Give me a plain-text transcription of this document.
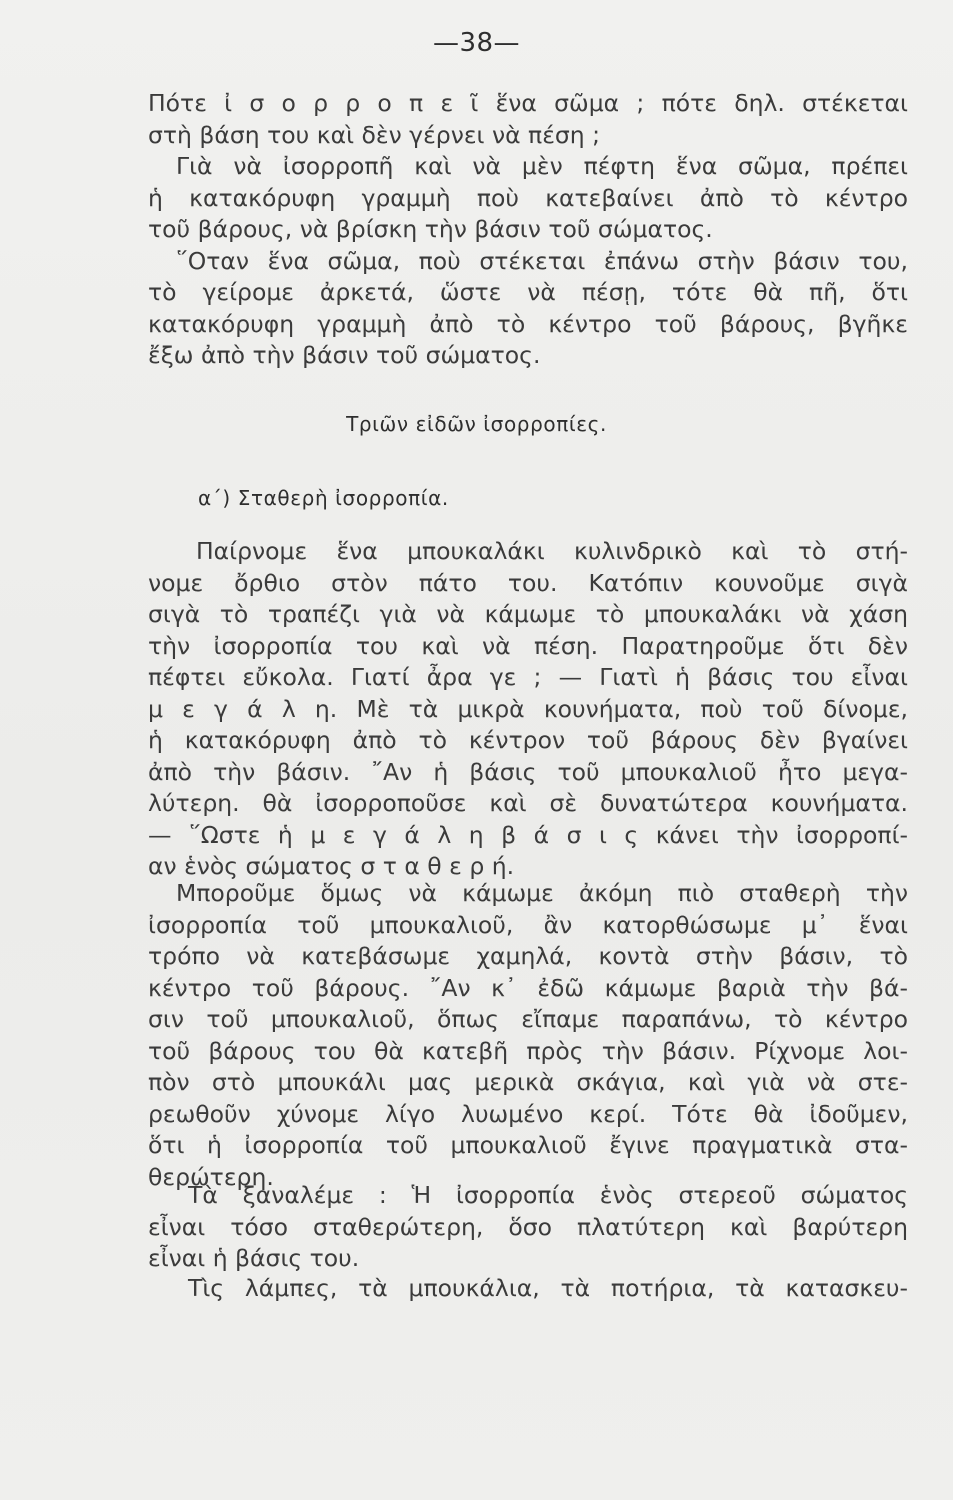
—38—
Πότε ἰ σ ο ρ ρ ο π ε ῖ ἕνα σῶμα ; πότε δηλ. στέκεται
στὴ βάση του καὶ δὲν γέρνει νὰ πέση ;
Γιὰ νὰ ἰσορροπῆ καὶ νὰ μὲν πέφτη ἕνα σῶμα, πρέπει
ἡ κατακόρυφη γραμμὴ ποὺ κατεβαίνει ἀπὸ τὸ κέντρο
τοῦ βάρους, νὰ βρίσκη τὴν βάσιν τοῦ σώματος.
῞Οταν ἕνα σῶμα, ποὺ στέκεται ἐπάνω στὴν βάσιν του,
τὸ γείρομε ἀρκετά, ὥστε νὰ πέσῃ, τότε θὰ πῆ, ὅτι
κατακόρυφη γραμμὴ ἀπὸ τὸ κέντρο τοῦ βάρους, βγῆκε
ἔξω ἀπὸ τὴν βάσιν τοῦ σώματος.
Τριῶν εἰδῶν ἰσορροπίες.
α΄) Σταθερὴ ἰσορροπία.
Παίρνομε ἕνα μπουκαλάκι κυλινδρικὸ καὶ τὸ στή-
νομε ὄρθιο στὸν πάτο του. Κατόπιν κουνοῦμε σιγὰ
σιγὰ τὸ τραπέζι γιὰ νὰ κάμωμε τὸ μπουκαλάκι νὰ χάση
τὴν ἰσορροπία του καὶ νὰ πέση. Παρατηροῦμε ὅτι δὲν
πέφτει εὔκολα. Γιατί ἆρα γε ; — Γιατὶ ἡ βάσις του εἶναι
μ ε γ ά λ η. Μὲ τὰ μικρὰ κουνήματα, ποὺ τοῦ δίνομε,
ἡ κατακόρυφη ἀπὸ τὸ κέντρον τοῦ βάρους δὲν βγαίνει
ἀπὸ τὴν βάσιν. ῎Αν ἡ βάσις τοῦ μπουκαλιοῦ ἦτο μεγα-
λύτερη. θὰ ἰσορροποῦσε καὶ σὲ δυνατώτερα κουνήματα.
— ῞Ωστε ἡ μ ε γ ά λ η β ά σ ι ς κάνει τὴν ἰσορροπί-
αν ἑνὸς σώματος σ τ α θ ε ρ ή.
Μποροῦμε ὅμως νὰ κάμωμε ἀκόμη πιὸ σταθερὴ τὴν
ἰσορροπία τοῦ μπουκαλιοῦ, ἂν κατορθώσωμε μ᾿ ἕναι
τρόπο νὰ κατεβάσωμε χαμηλά, κοντὰ στὴν βάσιν, τὸ
κέντρο τοῦ βάρους. ῎Αν κ᾿ ἐδῶ κάμωμε βαριὰ τὴν βά-
σιν τοῦ μπουκαλιοῦ, ὅπως εἴπαμε παραπάνω, τὸ κέντρο
τοῦ βάρους του θὰ κατεβῆ πρὸς τὴν βάσιν. Ρίχνομε λοι-
πὸν στὸ μπουκάλι μας μερικὰ σκάγια, καὶ γιὰ νὰ στε-
ρεωθοῦν χύνομε λίγο λυωμένο κερί. Τότε θὰ ἰδοῦμεν,
ὅτι ἡ ἰσορροπία τοῦ μπουκαλιοῦ ἔγινε πραγματικὰ στα-
θερώτερη.
Τὰ ξαναλέμε : Ἡ ἰσορροπία ἑνὸς στερεοῦ σώματος
εἶναι τόσο σταθερώτερη, ὅσο πλατύτερη καὶ βαρύτερη
εἶναι ἡ βάσις του.
Τὶς λάμπες, τὰ μπουκάλια, τὰ ποτήρια, τὰ κατασκευ-
